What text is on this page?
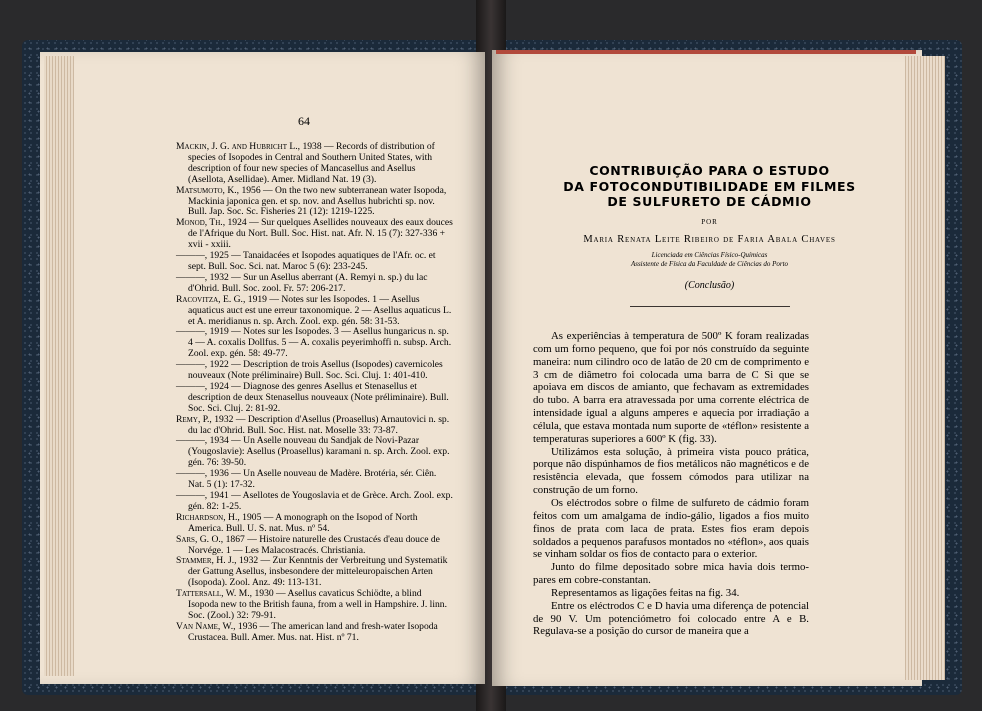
64

Mackin, J. G. and Hubricht L., 1938 — Records of distribution of species of Isopodes in Central and Southern United States, with description of four new species of Mancasellus and Asellus (Asellota, Asellidae). Amer. Midland Nat. 19 (3).

Matsumoto, K., 1956 — On the two new subterranean water Isopoda, Mackinia japonica gen. et sp. nov. and Asellus hubrichti sp. nov. Bull. Jap. Soc. Sc. Fisheries 21 (12): 1219-1225.

Monod, Th., 1924 — Sur quelques Asellides nouveaux des eaux douces de l'Afrique du Nort. Bull. Soc. Hist. nat. Afr. N. 15 (7): 327-336 + xvii - xxiii.

———, 1925 — Tanaidacées et Isopodes aquatiques de l'Afr. oc. et sept. Bull. Soc. Sci. nat. Maroc 5 (6): 233-245.

———, 1932 — Sur un Asellus aberrant (A. Remyi n. sp.) du lac d'Ohrid. Bull. Soc. zool. Fr. 57: 206-217.

Racovitza, E. G., 1919 — Notes sur les Isopodes. 1 — Asellus aquaticus auct est une erreur taxonomique. 2 — Asellus aquaticus L. et A. meridianus n. sp. Arch. Zool. exp. gén. 58: 31-53.

———, 1919 — Notes sur les Isopodes. 3 — Asellus hungaricus n. sp. 4 — A. coxalis Dollfus. 5 — A. coxalis peyerimhoffi n. subsp. Arch. Zool. exp. gén. 58: 49-77.

———, 1922 — Description de trois Asellus (Isopodes) cavernicoles nouveaux (Note préliminaire) Bull. Soc. Sci. Cluj. 1: 401-410.

———, 1924 — Diagnose des genres Asellus et Stenasellus et description de deux Stenasellus nouveaux (Note préliminaire). Bull. Soc. Sci. Cluj. 2: 81-92.

Remy, P., 1932 — Description d'Asellus (Proasellus) Arnautovici n. sp. du lac d'Ohrid. Bull. Soc. Hist. nat. Moselle 33: 73-87.

———, 1934 — Un Aselle nouveau du Sandjak de Novi-Pazar (Yougoslavie): Asellus (Proasellus) karamani n. sp. Arch. Zool. exp. gén. 76: 39-50.

———, 1936 — Un Aselle nouveau de Madère. Brotéria, sér. Ciên. Nat. 5 (1): 17-32.

———, 1941 — Asellotes de Yougoslavia et de Grèce. Arch. Zool. exp. gén. 82: 1-25.

Richardson, H., 1905 — A monograph on the Isopod of North America. Bull. U. S. nat. Mus. nº 54.

Sars, G. O., 1867 — Histoire naturelle des Crustacés d'eau douce de Norvége. 1 — Les Malacostracés. Christiania.

Stammer, H. J., 1932 — Zur Kenntnis der Verbreitung und Systematik der Gattung Asellus, insbesondere der mitteleuropaischen Arten (Isopoda). Zool. Anz. 49: 113-131.

Tattersall, W. M., 1930 — Asellus cavaticus Schiödte, a blind Isopoda new to the British fauna, from a well in Hampshire. J. linn. Soc. (Zool.) 32: 79-91.

Van Name, W., 1936 — The american land and fresh-water Isopoda Crustacea. Bull. Amer. Mus. nat. Hist. nº 71.

CONTRIBUIÇÃO PARA O ESTUDO
DA FOTOCONDUTIBILIDADE EM FILMES
DE SULFURETO DE CÁDMIO
POR
Maria Renata Leite Ribeiro de Faria Abala Chaves
Licenciada em Ciências Físico-Químicas
Assistente de Física da Faculdade de Ciências do Porto
(Conclusão)

As experiências à temperatura de 500º K foram realizadas com um forno pequeno, que foi por nós construído da seguinte maneira: num cilindro oco de latão de 20 cm de comprimento e 3 cm de diâmetro foi colocada uma barra de C Si que se apoiava em discos de amianto, que fechavam as extremidades do tubo. A barra era atravessada por uma corrente eléctrica de intensidade igual a alguns amperes e aquecia por irradiação a célula, que estava montada num suporte de «téflon» resistente a temperaturas superiores a 600º K (fig. 33).

Utilizámos esta solução, à primeira vista pouco prática, porque não dispúnhamos de fios metálicos não magnéticos e de resistência elevada, que fossem cómodos para utilizar na construção de um forno.

Os eléctrodos sobre o filme de sulfureto de cádmio foram feitos com um amalgama de índio-gálio, ligados a fios muito finos de prata com laca de prata. Estes fios eram depois soldados a pequenos parafusos montados no «téflon», aos quais se vinham soldar os fios de contacto para o exterior.

Junto do filme depositado sobre mica havia dois termo-pares em cobre-constantan.

Representamos as ligações feitas na fig. 34.

Entre os eléctrodos C e D havia uma diferença de potencial de 90 V. Um potenciómetro foi colocado entre A e B. Regulava-se a posição do cursor de maneira que a
